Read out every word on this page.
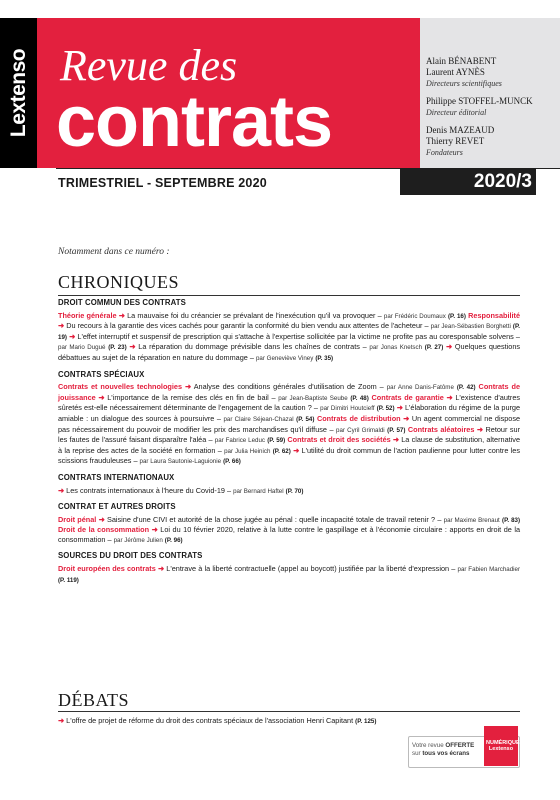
Lextenso Revue des
contrats
Alain BÉNABENT
Laurent AYNÈS
Directeurs scientifiques
Philippe STOFFEL-MUNCK
Directeur éditorial
Denis MAZEAUD
Thierry REVET
Fondateurs
TRIMESTRIEL - SEPTEMBRE 2020	2020/3
Notamment dans ce numéro :
CHRONIQUES
DROIT COMMUN DES CONTRATS
Théorie générale ➜ La mauvaise foi du créancier se prévalant de l'inexécution qu'il va provoquer – par Frédéric Doumaux (P. 16) Responsabilité ➜ Du recours à la garantie des vices cachés pour garantir la conformité du bien vendu aux attentes de l'acheteur – par Jean-Sébastien Borghetti (P. 19) ➜ L'effet interruptif et suspensif de prescription qui s'attache à l'expertise sollicitée par la victime ne profite pas au coresponsable solvens – par Mario Dugué (P. 23) ➜ La réparation du dommage prévisible dans les chaînes de contrats – par Jonas Knetsch (P. 27) ➜ Quelques questions débattues au sujet de la réparation en nature du dommage – par Geneviève Viney (P. 35)
CONTRATS SPÉCIAUX
Contrats et nouvelles technologies ➜ Analyse des conditions générales d'utilisation de Zoom – par Anne Danis-Fatôme (P. 42) Contrats de jouissance ➜ L'importance de la remise des clés en fin de bail – par Jean-Baptiste Seube (P. 48) Contrats de garantie ➜ L'existence d'autres sûretés est-elle nécessairement déterminante de l'engagement de la caution ? – par Dimitri Houtcieff (P. 52) ➜ L'élaboration du régime de la purge amiable : un dialogue des sources à poursuivre – par Claire Séjean-Chazal (P. 54) Contrats de distribution ➜ Un agent commercial ne dispose pas nécessairement du pouvoir de modifier les prix des marchandises qu'il diffuse – par Cyril Grimaldi (P. 57) Contrats aléatoires ➜ Retour sur les fautes de l'assuré faisant disparaître l'aléa – par Fabrice Leduc (P. 59) Contrats et droit des sociétés ➜ La clause de substitution, alternative à la reprise des actes de la société en formation – par Julia Heinich (P. 62) ➜ L'utilité du droit commun de l'action paulienne pour lutter contre les scissions frauduleuses – par Laura Sautonie-Laguionie (P. 66)
CONTRATS INTERNATIONAUX
➜ Les contrats internationaux à l'heure du Covid-19 – par Bernard Haftel (P. 70)
CONTRAT ET AUTRES DROITS
Droit pénal ➜ Saisine d'une CIVI et autorité de la chose jugée au pénal : quelle incapacité totale de travail retenir ? – par Maxime Brenaut (P. 83) Droit de la consommation ➜ Loi du 10 février 2020, relative à la lutte contre le gaspillage et à l'économie circulaire : apports en droit de la consommation – par Jérôme Julien (P. 96)
SOURCES DU DROIT DES CONTRATS
Droit européen des contrats ➜ L'entrave à la liberté contractuelle (appel au boycott) justifiée par la liberté d'expression – par Fabien Marchadier (P. 119)
DÉBATS
➜ L'offre de projet de réforme du droit des contrats spéciaux de l'association Henri Capitant (P. 125)
Votre revue OFFERTE
sur tous vos écrans
NUMÉRIQUE Lextenso
